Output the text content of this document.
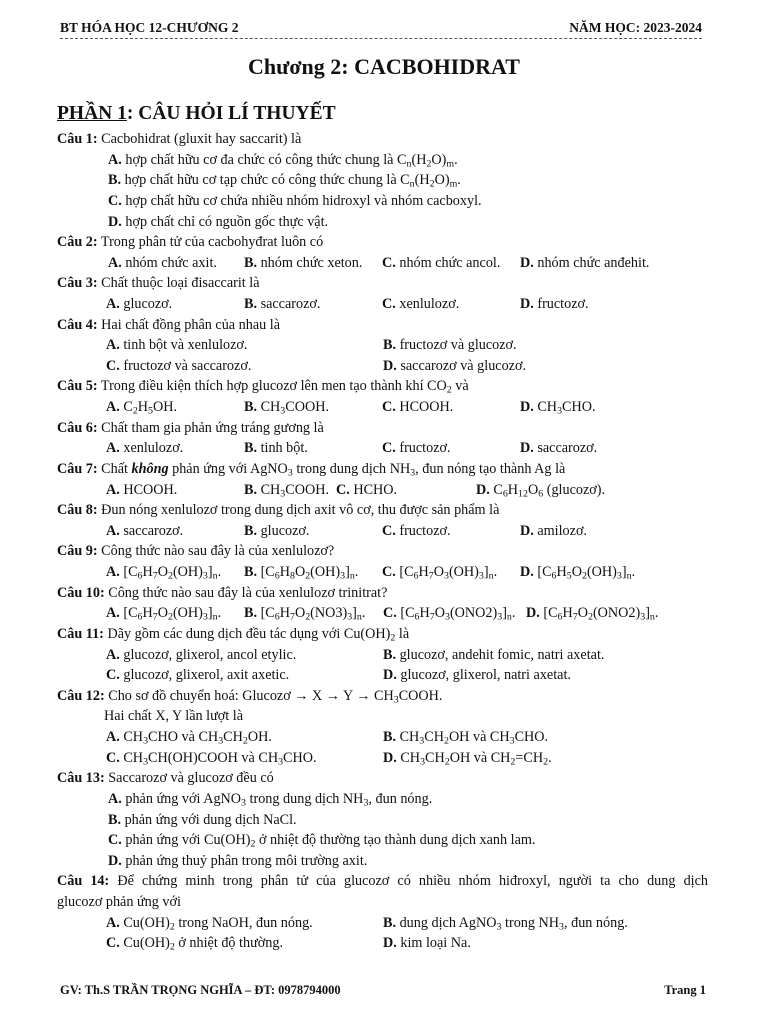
BT HÓA HỌC 12-CHƯƠNG 2	NĂM HỌC: 2023-2024
Chương 2: CACBOHIDRAT
PHẦN 1: CÂU HỎI LÍ THUYẾT
Câu 1: Cacbohidrat (gluxit hay saccarit) là
A. hợp chất hữu cơ đa chức có công thức chung là $C_n(H_2O)_m$.
B. hợp chất hữu cơ tạp chức có công thức chung là $C_n(H_2O)_m$.
C. hợp chất hữu cơ chứa nhiều nhóm hidroxyl và nhóm cacboxyl.
D. hợp chất chỉ có nguồn gốc thực vật.
Câu 2: Trong phân tử của cacbohyđrat luôn có
A. nhóm chức axit. B. nhóm chức xeton. C. nhóm chức ancol. D. nhóm chức anđehit.
Câu 3: Chất thuộc loại đisaccarit là
A. glucozơ.	B. saccarozơ.	C. xenlulozơ.	D. fructozơ.
Câu 4: Hai chất đồng phân của nhau là
A. tinh bột và xenlulozơ.	B. fructozơ và glucozơ.
C. fructozơ và saccarozơ.	D. saccarozơ và glucozơ.
Câu 5: Trong điều kiện thích hợp glucozơ lên men tạo thành khí $CO_2$ và
A. $C_2H_5OH$.	B. $CH_3COOH$.	C. HCOOH.	D. $CH_3CHO$.
Câu 6: Chất tham gia phản ứng tráng gương là
A. xenlulozơ.	B. tinh bột.	C. fructozơ.	D. saccarozơ.
Câu 7: Chất không phản ứng với AgNO$_3$ trong dung dịch $NH_3$, đun nóng tạo thành Ag là
A. HCOOH.	B. $CH_3COOH$. C. HCHO.	D. $C_6H_{12}O_6$ (glucozơ).
Câu 8: Đun nóng xenlulozơ trong dung dịch axit vô cơ, thu được sản phẩm là
A. saccarozơ.	B. glucozơ.	C. fructozơ.	D. amilozơ.
Câu 9: Công thức nào sau đây là của xenlulozơ?
A. $[C_6H_7O_2(OH)_3]_n$. B. $[C_6H_8O_2(OH)_3]_n$. C. $[C_6H_7O_3(OH)_3]_n$. D. $[C_6H_5O_2(OH)_3]_n$.
Câu 10: Công thức nào sau đây là của xenlulozơ trinitrat?
A. $[C_6H_7O_2(OH)_3]_n$. B. $[C_6H_7O_2(NO3)_3]_n$. C. $[C_6H_7O_3(ONO2)_3]_n$. D. $[C_6H_7O_2(ONO2)_3]_n$.
Câu 11: Dãy gồm các dung dịch đều tác dụng với $Cu(OH)_2$ là
A. glucozơ, glixerol, ancol etylic.	B. glucozơ, andehit fomic, natri axetat.
C. glucozơ, glixerol, axit axetic.	D. glucozơ, glixerol, natri axetat.
Câu 12: Cho sơ đồ chuyển hoá: Glucozơ → $X \to Y \to CH_3COOH$.
Hai chất X, Y lần lượt là
A. $CH_3CHO$ và $CH_3CH_2OH$.	B. $CH_3CH_2OH$ và $CH_3CHO$.
C. $CH_3CH(OH)COOH$ và $CH_3CHO$.	D. $CH_3CH_2OH$ và $CH_2=CH_2$.
Câu 13: Saccarozơ và glucozơ đều có
A. phản ứng với AgNO$_3$ trong dung dịch $NH_3$, đun nóng.
B. phản ứng với dung dịch NaCl.
C. phản ứng với $Cu(OH)_2$ ở nhiệt độ thường tạo thành dung dịch xanh lam.
D. phản ứng thuỷ phân trong môi trường axit.
Câu 14: Để chứng minh trong phân tử của glucozơ có nhiều nhóm hiđroxyl, người ta cho dung dịch
glucozơ phản ứng với
A. $Cu(OH)_2$ trong NaOH, đun nóng.	B. dung dịch AgNO$_3$ trong $NH_3$, đun nóng.
C. $Cu(OH)_2$ ở nhiệt độ thường.	D. kim loại Na.
GV: Th.S TRẦN TRỌNG NGHĨA – ĐT: 0978794000	Trang 1
